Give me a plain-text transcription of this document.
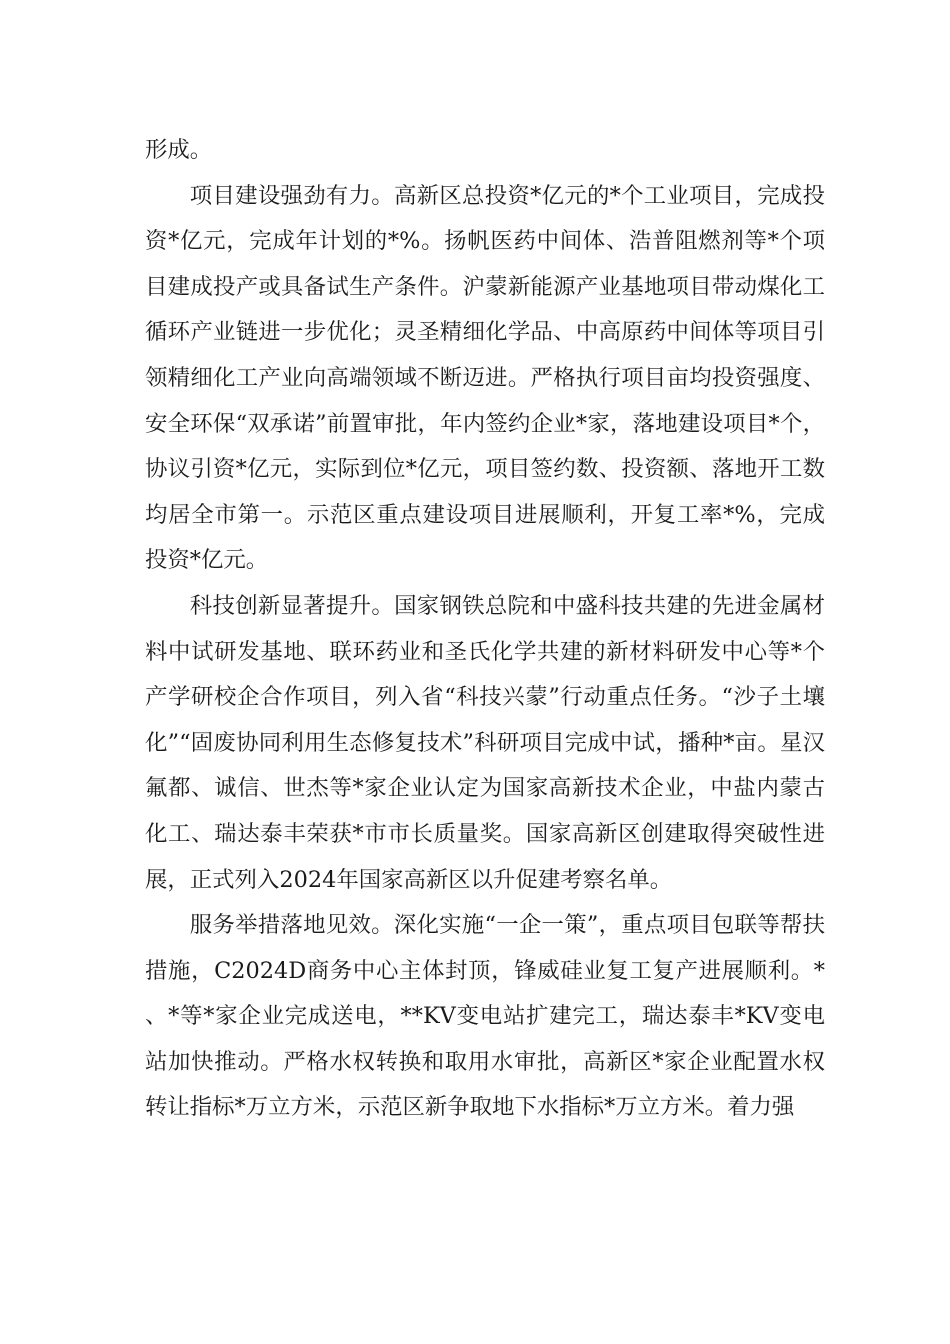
形成。

项目建设强劲有力。高新区总投资*亿元的*个工业项目，完成投资*亿元，完成年计划的*%。扬帆医药中间体、浩普阻燃剂等*个项目建成投产或具备试生产条件。沪蒙新能源产业基地项目带动煤化工循环产业链进一步优化；灵圣精细化学品、中高原药中间体等项目引领精细化工产业向高端领域不断迈进。严格执行项目亩均投资强度、安全环保“双承诺”前置审批，年内签约企业*家，落地建设项目*个，协议引资*亿元，实际到位*亿元，项目签约数、投资额、落地开工数均居全市第一。示范区重点建设项目进展顺利，开复工率*%，完成投资*亿元。

科技创新显著提升。国家钢铁总院和中盛科技共建的先进金属材料中试研发基地、联环药业和圣氏化学共建的新材料研发中心等*个产学研校企合作项目，列入省“科技兴蒙”行动重点任务。“沙子土壤化”“固废协同利用生态修复技术”科研项目完成中试，播种*亩。星汉氟都、诚信、世杰等*家企业认定为国家高新技术企业，中盐内蒙古化工、瑞达泰丰荣获*市市长质量奖。国家高新区创建取得突破性进展，正式列入2024年国家高新区以升促建考察名单。

服务举措落地见效。深化实施“一企一策”，重点项目包联等帮扶措施，C2024D商务中心主体封顶，锋威硅业复工复产进展顺利。*、*等*家企业完成送电，**KV变电站扩建完工，瑞达泰丰*KV变电站加快推动。严格水权转换和取用水审批，高新区*家企业配置水权转让指标*万立方米，示范区新争取地下水指标*万立方米。着力强
